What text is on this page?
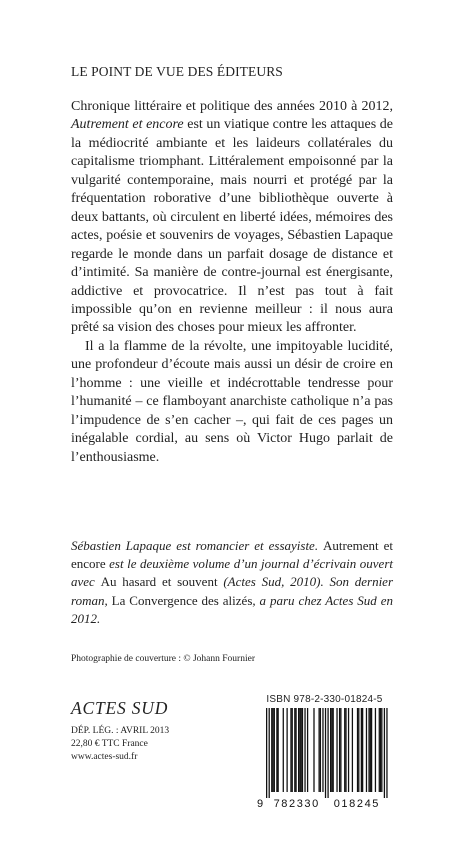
LE POINT DE VUE DES ÉDITEURS

Chronique littéraire et politique des années 2010 à 2012, Autrement et encore est un viatique contre les attaques de la médiocrité ambiante et les laideurs collatérales du capitalisme triomphant. Littéralement empoisonné par la vulgarité contemporaine, mais nourri et protégé par la fréquentation roborative d’une bibliothèque ouverte à deux battants, où circulent en liberté idées, mémoires des actes, poésie et souvenirs de voyages, Sébastien Lapaque regarde le monde dans un parfait dosage de distance et d’intimité. Sa manière de contre-journal est énergisante, addictive et provocatrice. Il n’est pas tout à fait impossible qu’on en revienne meilleur : il nous aura prêté sa vision des choses pour mieux les affronter.

Il a la flamme de la révolte, une impitoyable lucidité, une profondeur d’écoute mais aussi un désir de croire en l’homme : une vieille et indécrottable tendresse pour l’humanité – ce flamboyant anarchiste catholique n’a pas l’impudence de s’en cacher –, qui fait de ces pages un inégalable cordial, au sens où Victor Hugo parlait de l’enthousiasme.

Sébastien Lapaque est romancier et essayiste. Autrement et encore est le deuxième volume d’un journal d’écrivain ouvert avec Au hasard et souvent (Actes Sud, 2010). Son dernier roman, La Convergence des alizés, a paru chez Actes Sud en 2012.
Photographie de couverture : © Johann Fournier
ACTES SUD
DÉP. LÉG. : AVRIL 2013
22,80 € TTC France
www.actes-sud.fr
ISBN 978-2-330-01824-5
9 782330 018245
